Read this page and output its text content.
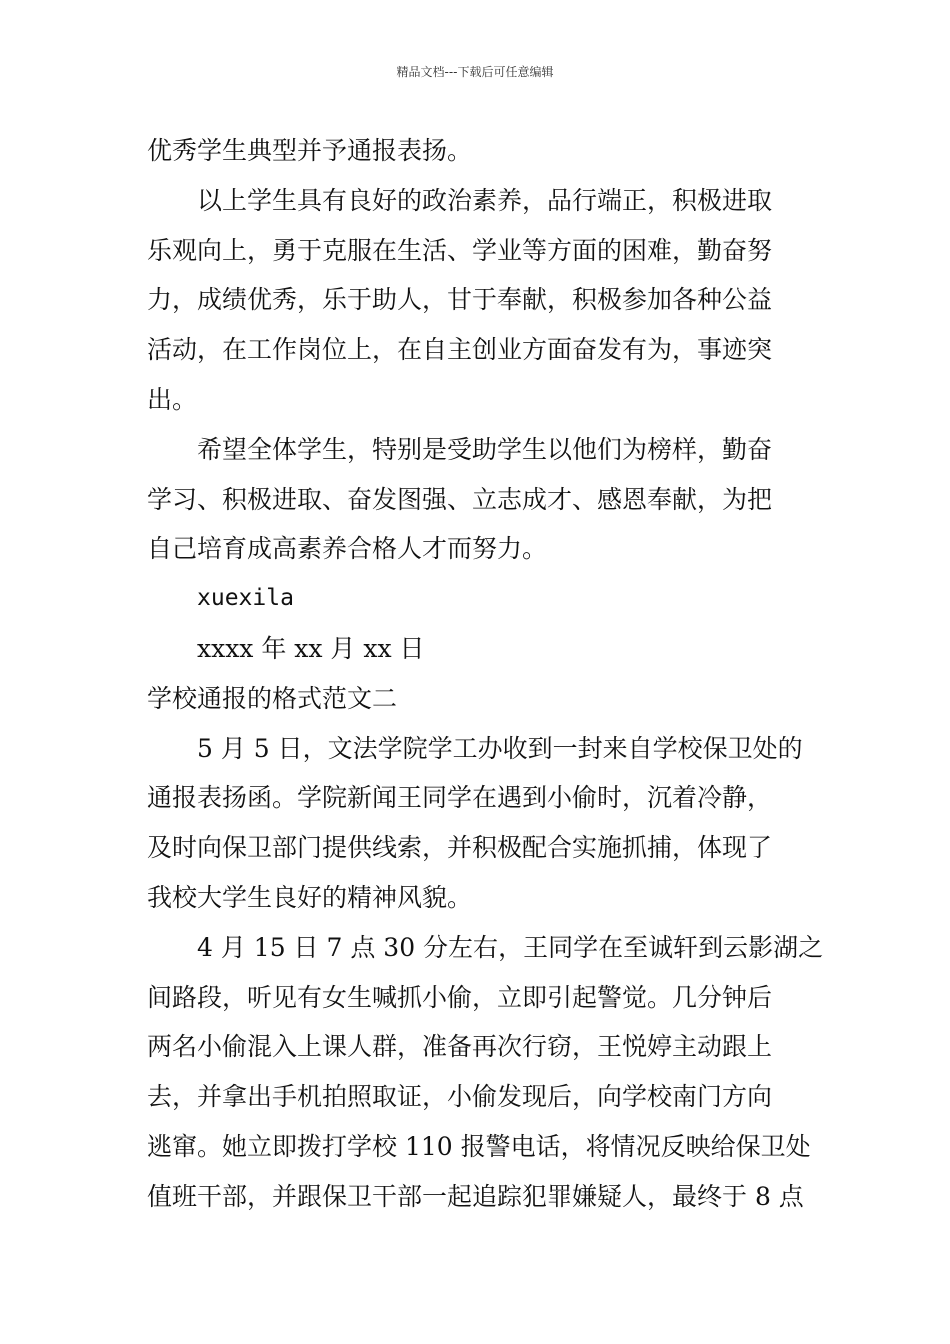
精品文档---下载后可任意编辑
优秀学生典型并予通报表扬。
以上学生具有良好的政治素养，品行端正，积极进取
乐观向上，勇于克服在生活、学业等方面的困难，勤奋努
力，成绩优秀，乐于助人，甘于奉献，积极参加各种公益
活动，在工作岗位上，在自主创业方面奋发有为，事迹突
出。
希望全体学生，特别是受助学生以他们为榜样，勤奋
学习、积极进取、奋发图强、立志成才、感恩奉献，为把
自己培育成高素养合格人才而努力。
xuexila
xxxx 年 xx 月 xx 日
学校通报的格式范文二
5 月 5 日，文法学院学工办收到一封来自学校保卫处的
通报表扬函。学院新闻王同学在遇到小偷时，沉着冷静，
及时向保卫部门提供线索，并积极配合实施抓捕，体现了
我校大学生良好的精神风貌。
4 月 15 日 7 点 30 分左右，王同学在至诚轩到云影湖之
间路段，听见有女生喊抓小偷，立即引起警觉。几分钟后
两名小偷混入上课人群，准备再次行窃，王悦婷主动跟上
去，并拿出手机拍照取证，小偷发现后，向学校南门方向
逃窜。她立即拨打学校 110 报警电话，将情况反映给保卫处
值班干部，并跟保卫干部一起追踪犯罪嫌疑人，最终于 8 点
